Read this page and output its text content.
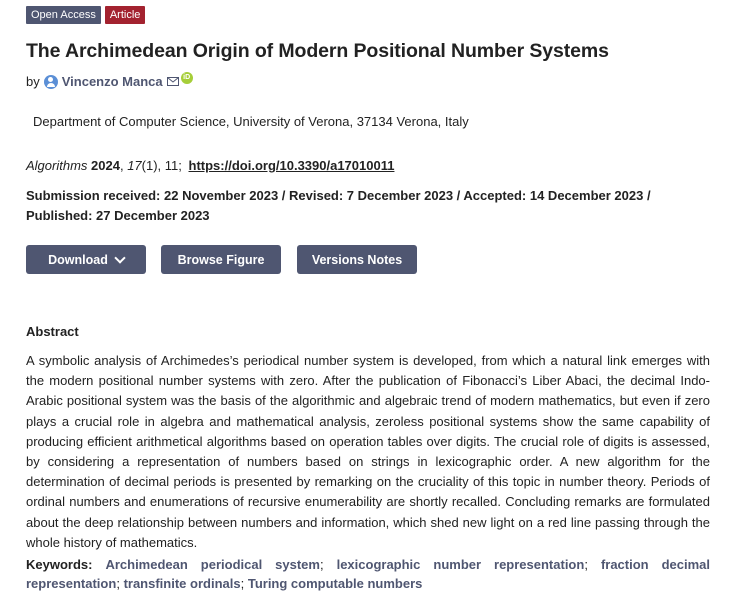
Open Access	Article
The Archimedean Origin of Modern Positional Number Systems
by Vincenzo Manca	iD
Department of Computer Science, University of Verona, 37134 Verona, Italy
Algorithms 2024, 17(1), 11; https://doi.org/10.3390/a17010011
Submission received: 22 November 2023 / Revised: 7 December 2023 / Accepted: 14 December 2023 / Published: 27 December 2023
Download	Browse Figure	Versions Notes
Abstract
A symbolic analysis of Archimedes’s periodical number system is developed, from which a natural link emerges with the modern positional number systems with zero. After the publication of Fibonacci’s Liber Abaci, the decimal Indo-Arabic positional system was the basis of the algorithmic and algebraic trend of modern mathematics, but even if zero plays a crucial role in algebra and mathematical analysis, zeroless positional systems show the same capability of producing efficient arithmetical algorithms based on operation tables over digits. The crucial role of digits is assessed, by considering a representation of numbers based on strings in lexicographic order. A new algorithm for the determination of decimal periods is presented by remarking on the cruciality of this topic in number theory. Periods of ordinal numbers and enumerations of recursive enumerability are shortly recalled. Concluding remarks are formulated about the deep relationship between numbers and information, which shed new light on a red line passing through the whole history of mathematics.
Keywords: Archimedean periodical system; lexicographic number representation; fraction decimal representation; transfinite ordinals; Turing computable numbers
